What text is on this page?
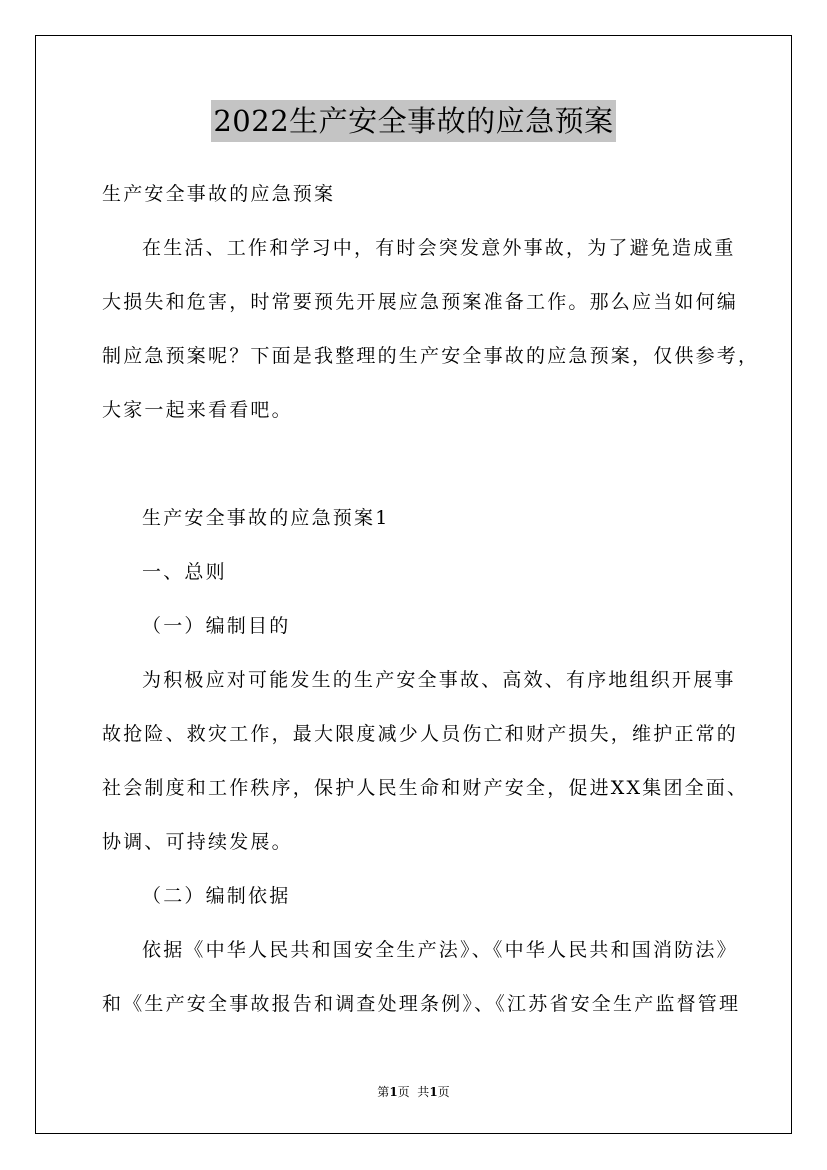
2022生产安全事故的应急预案
生产安全事故的应急预案
在生活、工作和学习中，有时会突发意外事故，为了避免造成重
大损失和危害，时常要预先开展应急预案准备工作。那么应当如何编
制应急预案呢？下面是我整理的生产安全事故的应急预案，仅供参考，
大家一起来看看吧。
生产安全事故的应急预案1
一、总则
（一）编制目的
为积极应对可能发生的生产安全事故、高效、有序地组织开展事
故抢险、救灾工作，最大限度减少人员伤亡和财产损失，维护正常的
社会制度和工作秩序，保护人民生命和财产安全，促进XX集团全面、
协调、可持续发展。
（二）编制依据
依据《中华人民共和国安全生产法》、《中华人民共和国消防法》
和《生产安全事故报告和调查处理条例》、《江苏省安全生产监督管理
第1页  共1页
